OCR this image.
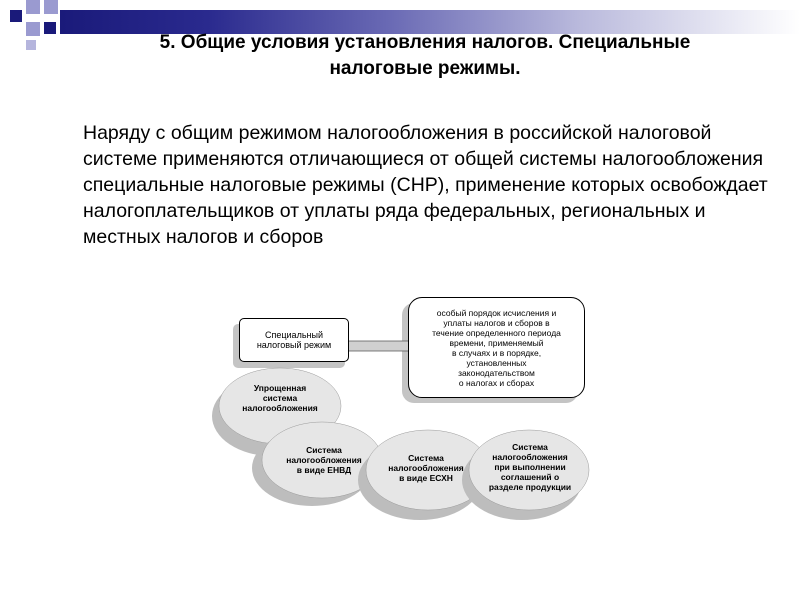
5. Общие условия установления налогов. Специальные
налоговые режимы.
Наряду с общим режимом налогообложения в российской налоговой системе применяются отличающиеся от общей системы налогообложения специальные налоговые режимы (СНР), применение которых освобождает налогоплательщиков от уплаты ряда федеральных, региональных и местных налогов и сборов
Специальный
налоговый режим
особый порядок исчисления и
уплаты налогов и сборов в
течение определенного периода
времени, применяемый
в случаях и в порядке,
установленных
законодательством
о налогах и сборах
Упрощенная
система
налогообложения
Система
налогообложения
в виде ЕНВД
Система
налогообложения
в виде ЕСХН
Система
налогообложения
при выполнении
соглашений о
разделе продукции
